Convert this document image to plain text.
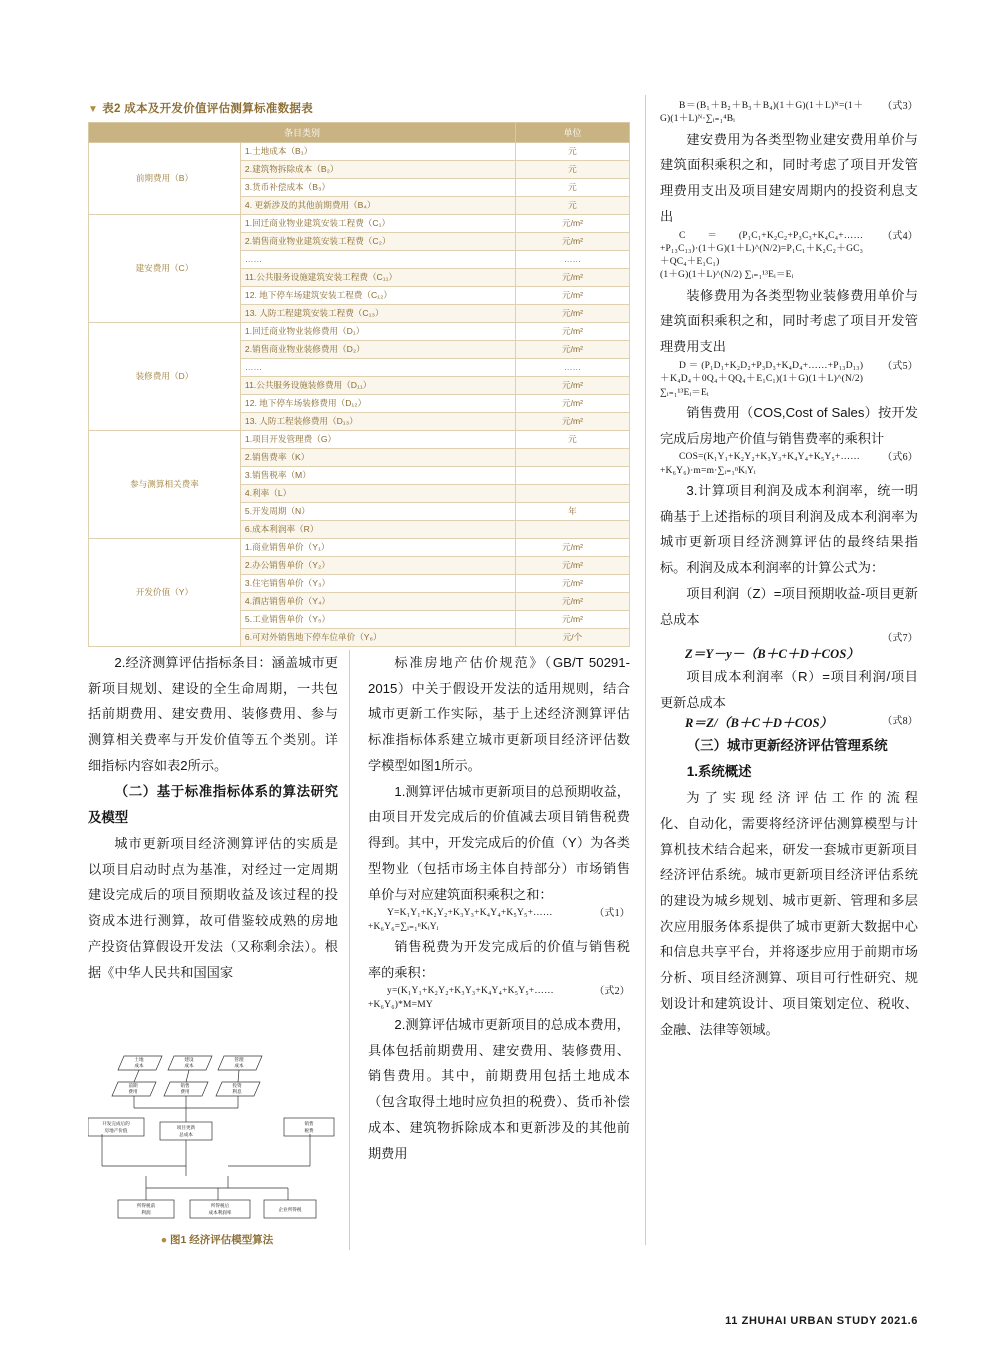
▼ 表2 成本及开发价值评估测算标准数据表
条目类别		单位
前期费用（B）	1.土地成本（B₁）	元
	2.建筑物拆除成本（B₂）	元
	3.货币补偿成本（B₃）	元
	4. 更新涉及的其他前期费用（B₄）	元
建安费用（C）	1.回迁商业物业建筑安装工程费（C₁）	元/m²
	2.销售商业物业建筑安装工程费（C₂）	元/m²
	……	……
	11.公共服务设施建筑安装工程费（C₁₁）	元/m²
	12. 地下停车场建筑安装工程费（C₁₂）	元/m²
	13. 人防工程建筑安装工程费（C₁₃）	元/m²
装修费用（D）	1.回迁商业物业装修费用（D₁）	元/m²
	2.销售商业物业装修费用（D₂）	元/m²
	……	……
	11.公共服务设施装修费用（D₁₁）	元/m²
	12. 地下停车场装修费用（D₁₂）	元/m²
	13. 人防工程装修费用（D₁₃）	元/m²
参与测算相关费率	1.项目开发管理费（G）	元
	2.销售费率（K）	
	3.销售税率（M）	
	4.利率（L）	
	5.开发周期（N）	年
	6.成本利润率（R）	
开发价值（Y）	1.商业销售单价（Y₁）	元/m²
	2.办公销售单价（Y₂）	元/m²
	3.住宅销售单价（Y₃）	元/m²
	4.酒店销售单价（Y₄）	元/m²
	5.工业销售单价（Y₅）	元/m²
	6.可对外销售地下停车位单价（Y₆）	元/个

2.经济测算评估指标条目：涵盖城市更新项目规划、建设的全生命周期，一共包括前期费用、建安费用、装修费用、参与测算相关费率与开发价值等五个类别。详细指标内容如表2所示。

（二）基于标准指标体系的算法研究及模型

城市更新项目经济测算评估的实质是以项目启动时点为基准，对经过一定周期建设完成后的项目预期收益及该过程的投资成本进行测算，故可借鉴较成熟的房地产投资估算假设开发法（又称剩余法）。根据《中华人民共和国国家

土地
成本
建设
成本
管理
成本
前期
费用
销售
费用
投资
利息
项目更新
总成本
开发完成后的
房地产价值
销售
税费
所得税前
利润
所得税后
成本利润率
企业所得税
● 图1 经济评估模型算法

标准房地产估价规范》（GB/T 50291-2015）中关于假设开发法的适用规则，结合城市更新工作实际，基于上述经济测算评估标准指标体系建立城市更新项目经济评估数学模型如图1所示。

1.测算评估城市更新项目的总预期收益，由项目开发完成后的价值减去项目销售税费得到。其中，开发完成后的价值（Y）为各类型物业（包括市场主体自持部分）市场销售单价与对应建筑面积乘积之和：

（式1）
Y=K₁Y₁+K₂Y₂+K₃Y₃+K₄Y₄+K₅Y₅+……+K₆Y₆=∑ᵢ₌₁ⁿKᵢYᵢ

销售税费为开发完成后的价值与销售税率的乘积：

（式2）
y=(K₁Y₁+K₂Y₂+K₃Y₃+K₄Y₄+K₅Y₅+……+K₆Y₆)*M=MY

2.测算评估城市更新项目的总成本费用，具体包括前期费用、建安费用、装修费用、销售费用。其中，前期费用包括土地成本（包含取得土地时应负担的税费）、货币补偿成本、建筑物拆除成本和更新涉及的其他前期费用

（式3）
B＝(B₁＋B₂＋B₃＋B₄)(1＋G)(1＋L)ᴺ=(1＋G)(1＋L)ᴺ·∑ᵢ₌₁⁴Bᵢ

建安费用为各类型物业建安费用单价与建筑面积乘积之和，同时考虑了项目开发管理费用支出及项目建安周期内的投资利息支出

（式4）
C＝(P₁C₁+K₂C₂+P₃C₃+K₄C₄+……+P₁₃C₁₃)·(1＋G)(1＋L)^(N/2)=P₁C₁＋K₂C₂＋GC₃＋QC₄＋E₁C₁)
(1＋G)(1＋L)^(N/2) ∑ᵢ₌₁¹³Eᵢ＝Eᵢ

装修费用为各类型物业装修费用单价与建筑面积乘积之和，同时考虑了项目开发管理费用支出

（式5）
D＝(P₁D₁+K₂D₂+P₃D₃+K₄D₄+……+P₁₃D₁₃)＋K₄D₄＋0Q₄＋QQ₄＋E₁C₁)(1＋G)(1＋L)^(N/2) ∑ᵢ₌₁¹³Eᵢ＝Eᵢ

销售费用（COS,Cost of Sales）按开发完成后房地产价值与销售费率的乘积计

（式6）
COS=(K₁Y₁+K₂Y₂+K₃Y₃+K₄Y₄+K₅Y₅+……+K₆Y₆)·m=m·∑ᵢ₌₁ⁿKᵢYᵢ

3.计算项目利润及成本利润率，统一明确基于上述指标的项目利润及成本利润率为城市更新项目经济测算评估的最终结果指标。利润及成本利润率的计算公式为：

项目利润（Z）=项目预期收益-项目更新总成本

（式7）
Z＝Y－y－（B＋C＋D＋COS）

项目成本利润率（R）=项目利润/项目更新总成本

（式8）
R＝Z/（B＋C＋D＋COS）

（三）城市更新经济评估管理系统
1.系统概述

为 了 实 现 经 济 评 估 工 作 的 流 程化、自动化，需要将经济评估测算模型与计算机技术结合起来，研发一套城市更新项目经济评估系统。城市更新项目经济评估系统的建设为城乡规划、城市更新、管理和多层次应用服务体系提供了城市更新大数据中心和信息共享平台，并将逐步应用于前期市场分析、项目经济测算、项目可行性研究、规划设计和建筑设计、项目策划定位、税收、金融、法律等领域。

11 ZHUHAI URBAN STUDY 2021.6
